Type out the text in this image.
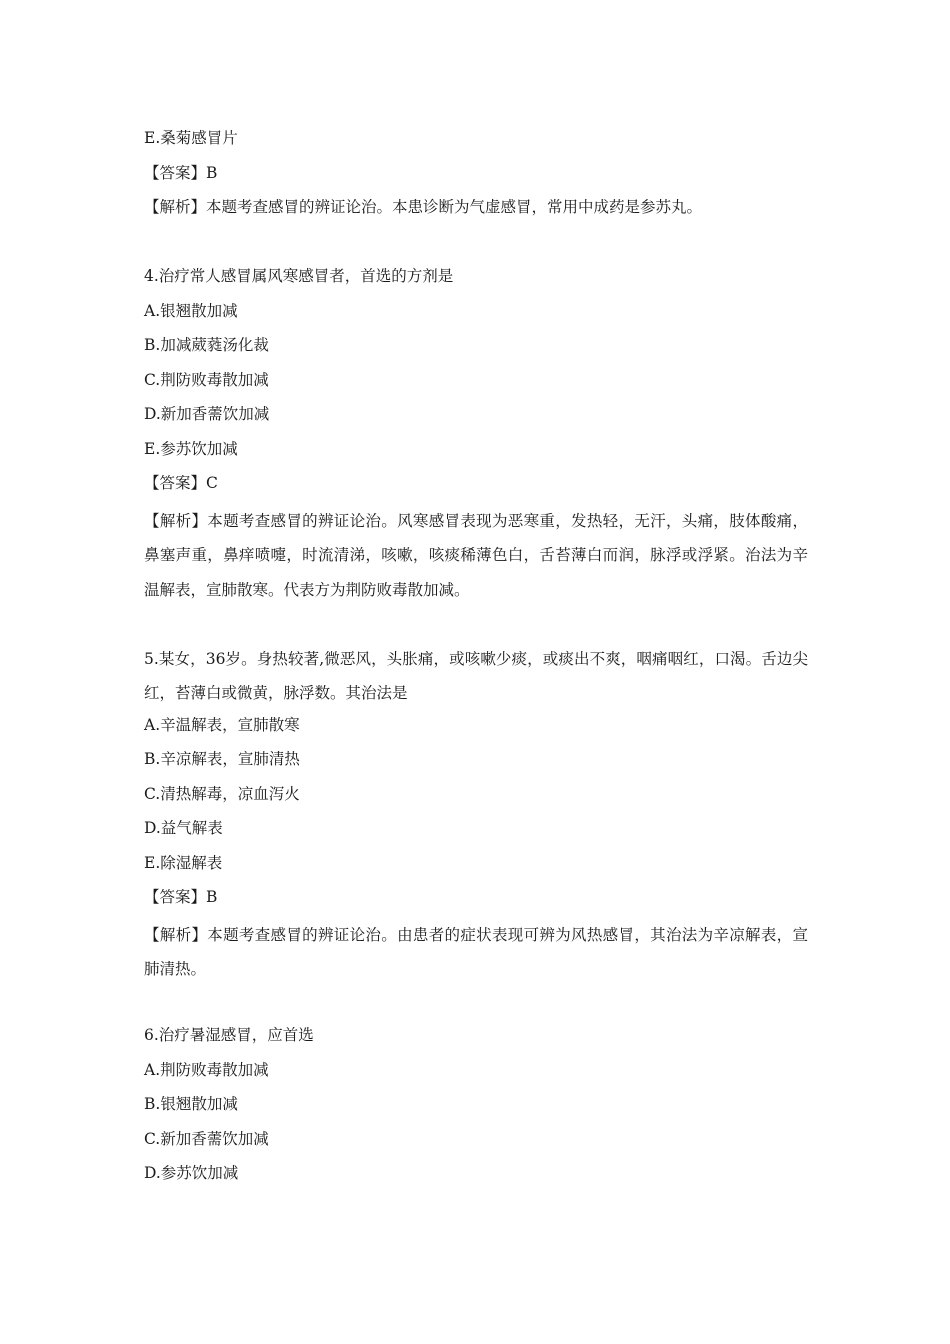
E.桑菊感冒片
【答案】B
【解析】本题考查感冒的辨证论治。本患诊断为气虚感冒，常用中成药是参苏丸。
4.治疗常人感冒属风寒感冒者，首选的方剂是
A.银翘散加减
B.加减葳蕤汤化裁
C.荆防败毒散加减
D.新加香薷饮加减
E.参苏饮加减
【答案】C
【解析】本题考查感冒的辨证论治。风寒感冒表现为恶寒重，发热轻，无汗，头痛，肢体酸痛，鼻塞声重，鼻痒喷嚏，时流清涕，咳嗽，咳痰稀薄色白，舌苔薄白而润，脉浮或浮紧。治法为辛温解表，宣肺散寒。代表方为荆防败毒散加减。
5.某女，36岁。身热较著,微恶风，头胀痛，或咳嗽少痰，或痰出不爽，咽痛咽红，口渴。舌边尖红，苔薄白或微黄，脉浮数。其治法是
A.辛温解表，宣肺散寒
B.辛凉解表，宣肺清热
C.清热解毒，凉血泻火
D.益气解表
E.除湿解表
【答案】B
【解析】本题考查感冒的辨证论治。由患者的症状表现可辨为风热感冒，其治法为辛凉解表，宣肺清热。
6.治疗暑湿感冒，应首选
A.荆防败毒散加减
B.银翘散加减
C.新加香薷饮加减
D.参苏饮加减
